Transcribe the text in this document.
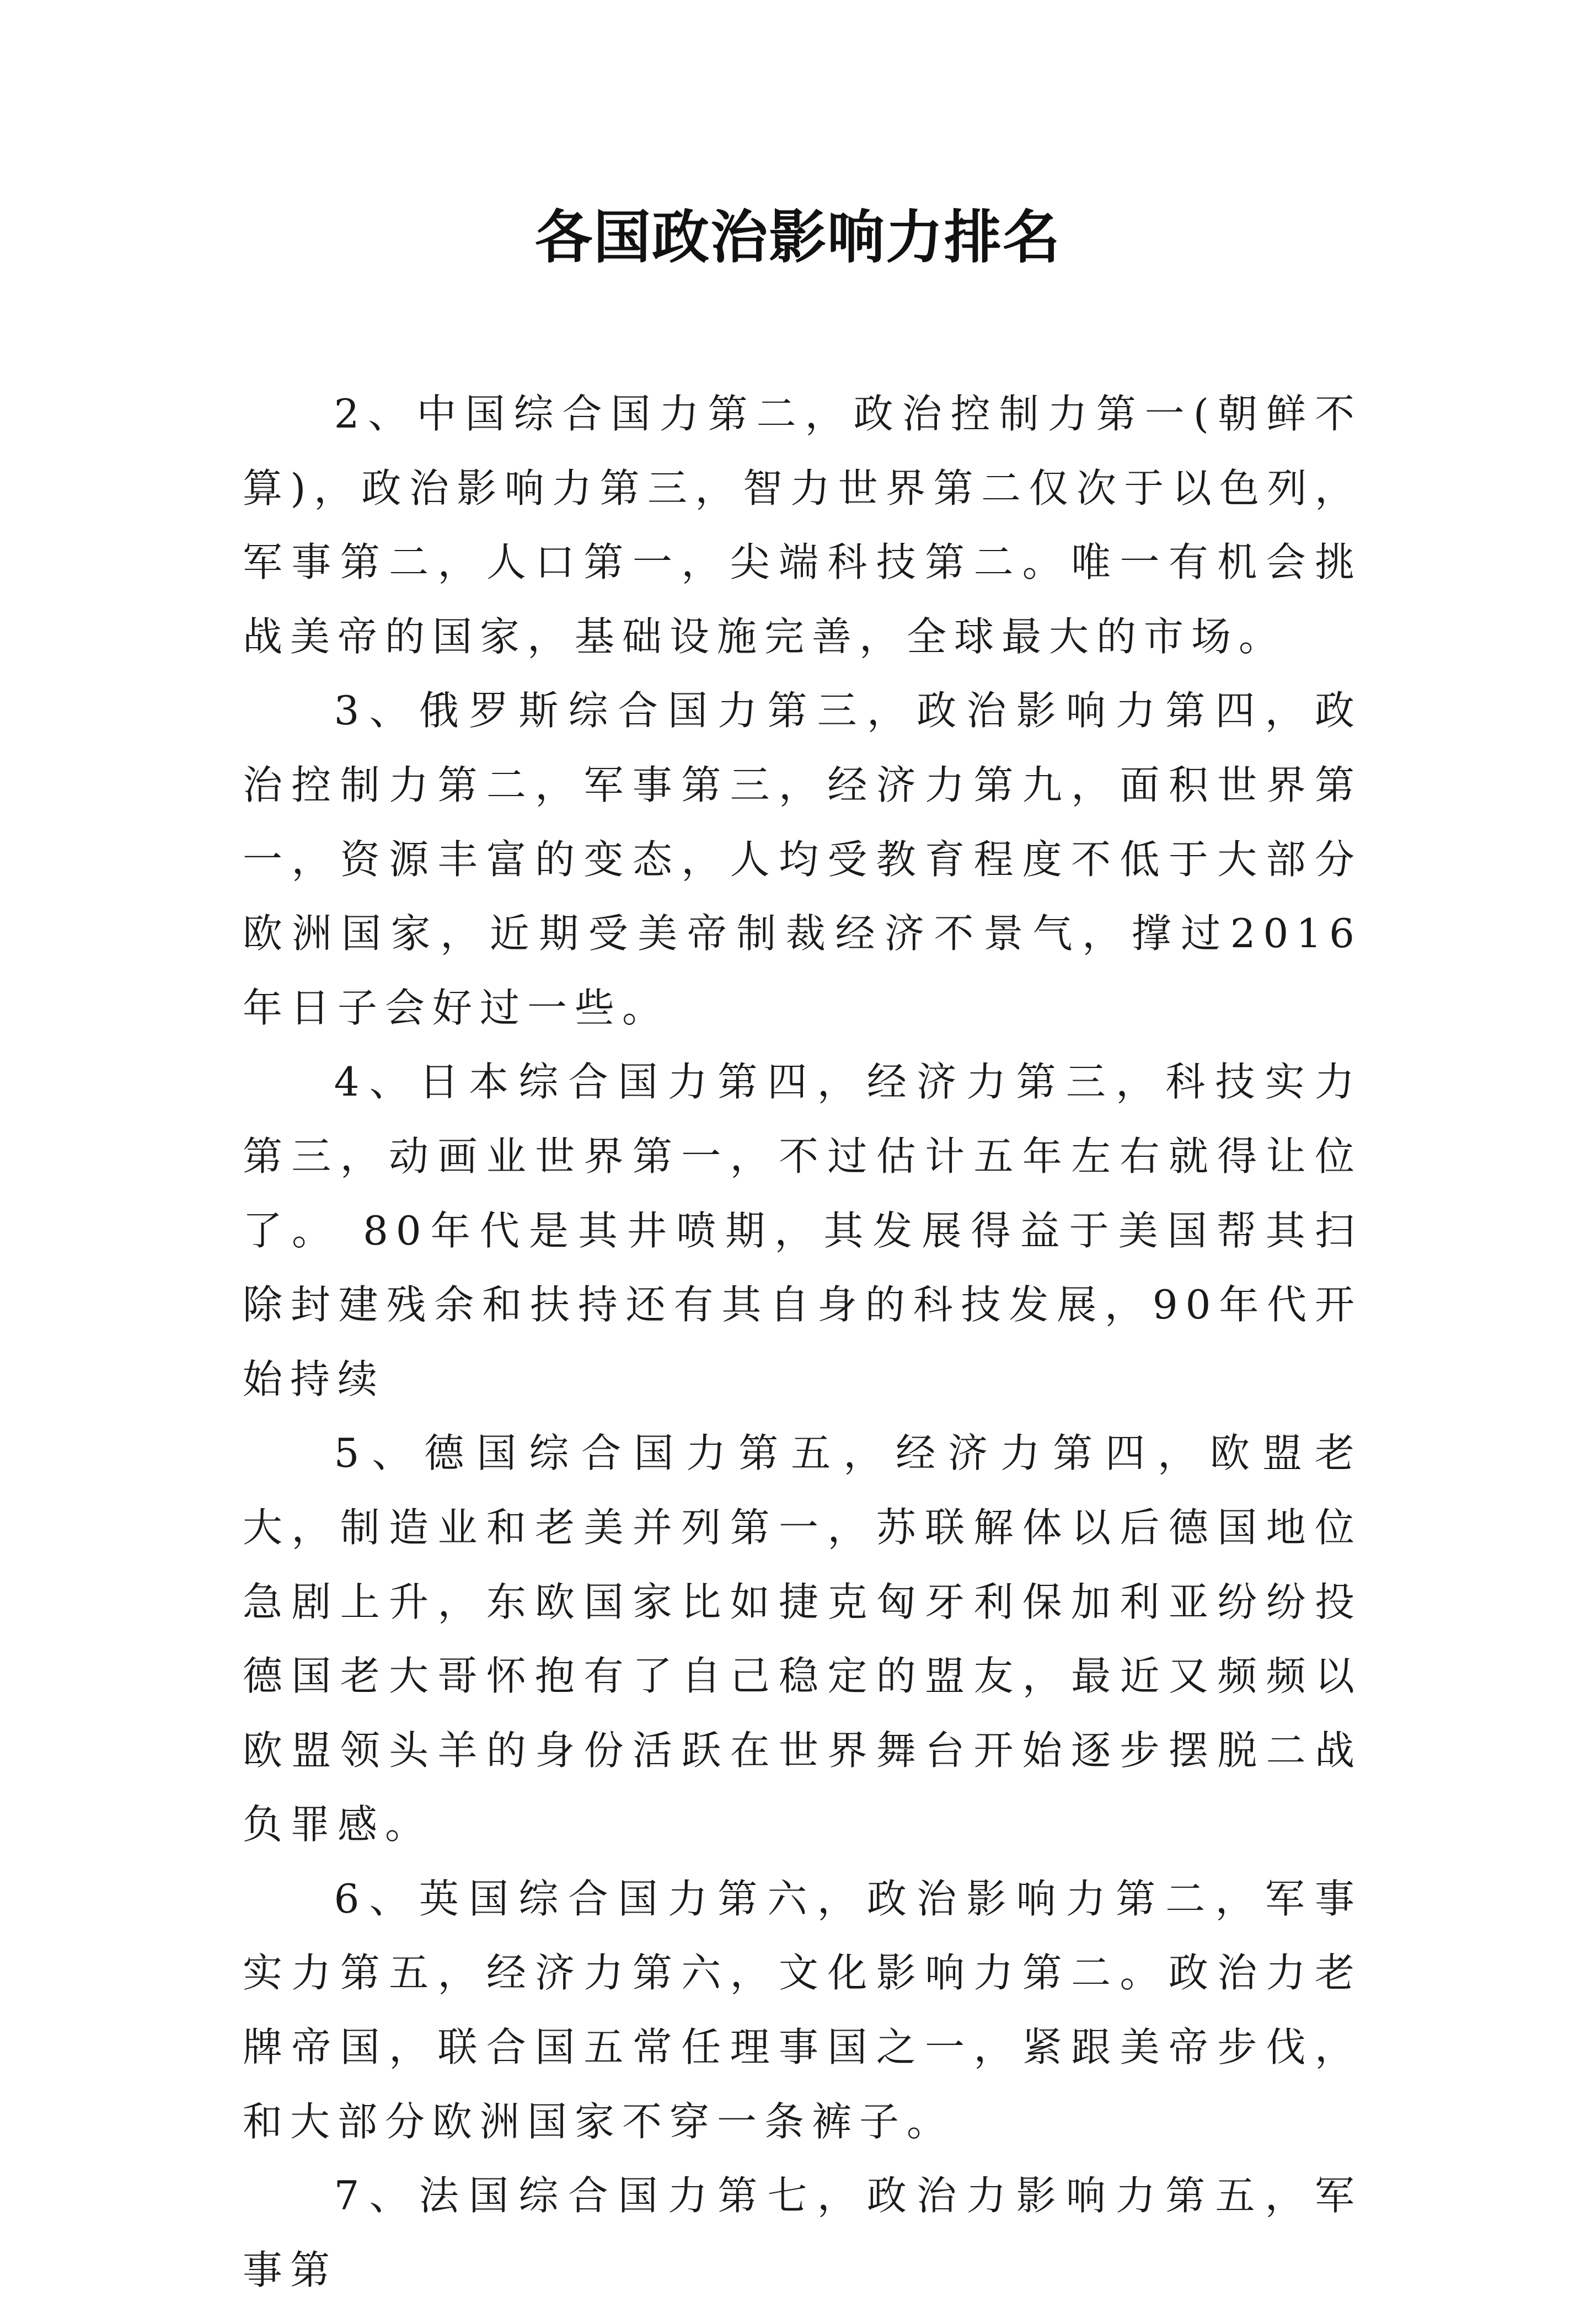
各国政治影响力排名

2、中国综合国力第二，政治控制力第一(朝鲜不算)，政治影响力第三，智力世界第二仅次于以色列，军事第二，人口第一，尖端科技第二。唯一有机会挑战美帝的国家，基础设施完善，全球最大的市场。

3、俄罗斯综合国力第三，政治影响力第四，政治控制力第二，军事第三，经济力第九，面积世界第一，资源丰富的变态，人均受教育程度不低于大部分欧洲国家，近期受美帝制裁经济不景气，撑过2016年日子会好过一些。

4、日本综合国力第四，经济力第三，科技实力第三，动画业世界第一，不过估计五年左右就得让位了。 80年代是其井喷期，其发展得益于美国帮其扫除封建残余和扶持还有其自身的科技发展，90年代开始持续

5、德国综合国力第五，经济力第四，欧盟老大，制造业和老美并列第一，苏联解体以后德国地位急剧上升，东欧国家比如捷克匈牙利保加利亚纷纷投德国老大哥怀抱有了自己稳定的盟友，最近又频频以欧盟领头羊的身份活跃在世界舞台开始逐步摆脱二战负罪感。

6、英国综合国力第六，政治影响力第二，军事实力第五，经济力第六，文化影响力第二。政治力老牌帝国，联合国五常任理事国之一，紧跟美帝步伐，和大部分欧洲国家不穿一条裤子。

7、法国综合国力第七，政治力影响力第五，军事第
